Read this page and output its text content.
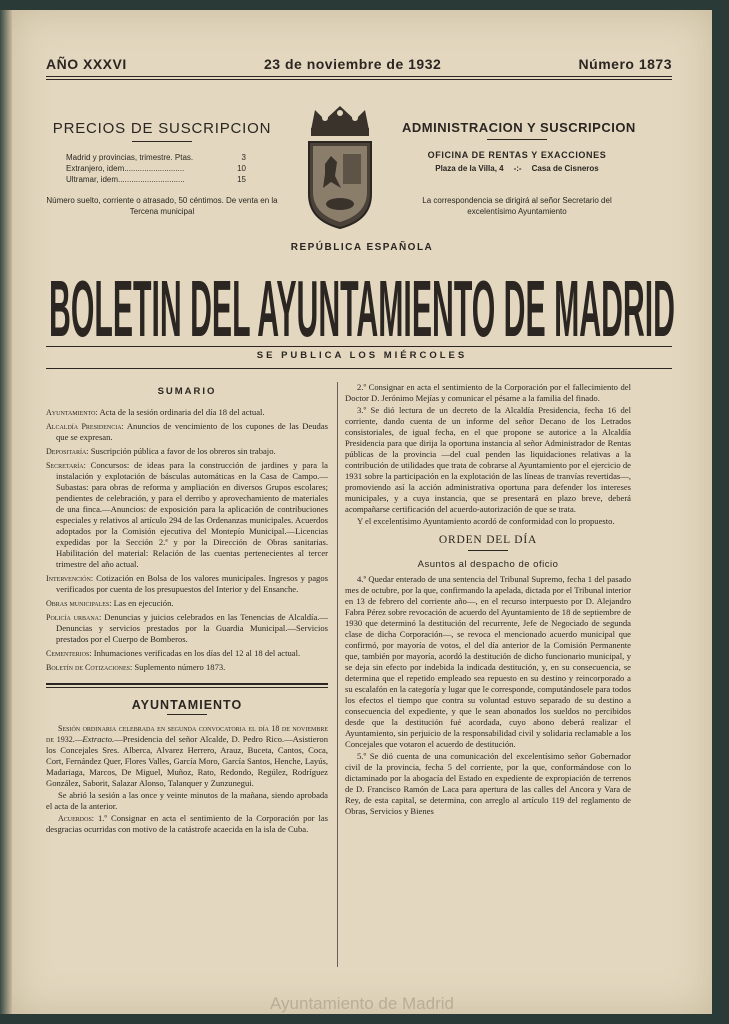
AÑO XXXVI	23 de noviembre de 1932	Número 1873
PRECIOS DE SUSCRIPCION
Madrid y provincias, trimestre. Ptas.	3
Extranjero, idem...........................	10
Ultramar, idem..............................	15
Número suelto, corriente o atrasado, 50 céntimos. De venta en la Tercena municipal
ADMINISTRACION Y SUSCRIPCION
OFICINA DE RENTAS Y EXACCIONES
Plaza de la Villa, 4 -:- Casa de Cisneros
La correspondencia se dirigirá al señor Secretario del excelentísimo Ayuntamiento
REPÚBLICA ESPAÑOLA
BOLETIN DEL AYUNTAMIENTO DE MADRID
SE PUBLICA LOS MIÉRCOLES
SUMARIO
Ayuntamiento: Acta de la sesión ordinaria del día 18 del actual.
Alcaldía Presidencia: Anuncios de vencimiento de los cupones de las Deudas que se expresan.
Depositaría: Suscripción pública a favor de los obreros sin trabajo.
Secretaría: Concursos: de ideas para la construcción de jardines y para la instalación y explotación de básculas automáticas en la Casa de Campo.—Subastas: para obras de reforma y ampliación en diversos Grupos escolares; pendientes de celebración, y para el derribo y aprovechamiento de materiales de una finca.—Anuncios: de exposición para la aplicación de contribuciones especiales y relativos al artículo 294 de las Ordenanzas municipales. Acuerdos adoptados por la Comisión ejecutiva del Montepío Municipal.—Licencias expedidas por la Sección 2.ª y por la Dirección de Obras sanitarias. Habilitación del material: Relación de las cuentas pertenecientes al tercer trimestre del año actual.
Intervención: Cotización en Bolsa de los valores municipales. Ingresos y pagos verificados por cuenta de los presupuestos del Interior y del Ensanche.
Obras municipales: Las en ejecución.
Policía urbana: Denuncias y juicios celebrados en las Tenencias de Alcaldía.—Denuncias y servicios prestados por la Guardia Municipal.—Servicios prestados por el Cuerpo de Bomberos.
Cementerios: Inhumaciones verificadas en los días del 12 al 18 del actual.
Boletín de Cotizaciones: Suplemento número 1873.
AYUNTAMIENTO

Sesión ordinaria celebrada en segunda convocatoria el día 18 de noviembre de 1932.—Extracto.—Presidencia del señor Alcalde, D. Pedro Rico.—Asistieron los Concejales Sres. Alberca, Alvarez Herrero, Arauz, Buceta, Cantos, Coca, Cort, Fernández Quer, Flores Valles, García Moro, García Santos, Henche, Layús, Madariaga, Marcos, De Miguel, Muñoz, Rato, Redondo, Regúlez, Rodríguez González, Saborit, Salazar Alonso, Talanquer y Zunzunegui.

Se abrió la sesión a las once y veinte minutos de la mañana, siendo aprobada el acta de la anterior.

Acuerdos: 1.º Consignar en acta el sentimiento de la Corporación por las desgracias ocurridas con motivo de la catástrofe acaecida en la isla de Cuba.

2.º Consignar en acta el sentimiento de la Corporación por el fallecimiento del Doctor D. Jerónimo Mejías y comunicar el pésame a la familia del finado.

3.º Se dió lectura de un decreto de la Alcaldía Presidencia, fecha 16 del corriente, dando cuenta de un informe del señor Decano de los Letrados consistoriales, de igual fecha, en el que propone se autorice a la Alcaldía Presidencia para que dirija la oportuna instancia al señor Administrador de Rentas públicas de la provincia —del cual penden las liquidaciones relativas a la contribución de utilidades que trata de cobrarse al Ayuntamiento por el ejercicio de 1931 sobre la participación en la explotación de las líneas de tranvías revertidas—, promoviendo así la acción administrativa oportuna para defender los intereses municipales, y a cuya instancia, que se presentará en plazo breve, deberá acompañarse certificación del acuerdo-autorización de que se trata.

Y el excelentísimo Ayuntamiento acordó de conformidad con lo propuesto.

ORDEN DEL DÍA
Asuntos al despacho de oficio

4.º Quedar enterado de una sentencia del Tribunal Supremo, fecha 1 del pasado mes de octubre, por la que, confirmando la apelada, dictada por el Tribunal interior en 13 de febrero del corriente año—, en el recurso interpuesto por D. Alejandro Fabra Pérez sobre revocación de acuerdo del Ayuntamiento de 18 de septiembre de 1930 que determinó la destitución del recurrente, Jefe de Negociado de segunda clase de dicha Corporación—, se revoca el mencionado acuerdo municipal que confirmó, por mayoría de votos, el del día anterior de la Comisión Permanente que, también por mayoría, acordó la destitución de dicho funcionario municipal, y se deja sin efecto por indebida la indicada destitución, y, en su consecuencia, se determina que el repetido empleado sea repuesto en su destino y reincorporado a su escalafón en la categoría y lugar que le corresponde, computándosele para todos los efectos el tiempo que contra su voluntad estuvo separado de su destino a consecuencia del expediente, y que le sean abonados los sueldos no percibidos desde que la destitución fué acordada, cuyo abono deberá realizar el Ayuntamiento, sin perjuicio de la responsabilidad civil y solidaria reclamable a los Concejales que votaron el acuerdo de destitución.

5.º Se dió cuenta de una comunicación del excelentísimo señor Gobernador civil de la provincia, fecha 5 del corriente, por la que, conformándose con lo dictaminado por la abogacía del Estado en expediente de expropiación de terrenos de D. Francisco Ramón de Laca para apertura de las calles del Ancora y Vara de Rey, de esta capital, se determina, con arreglo al artículo 119 del reglamento de Obras, Servicios y Bienes

Ayuntamiento de Madrid
